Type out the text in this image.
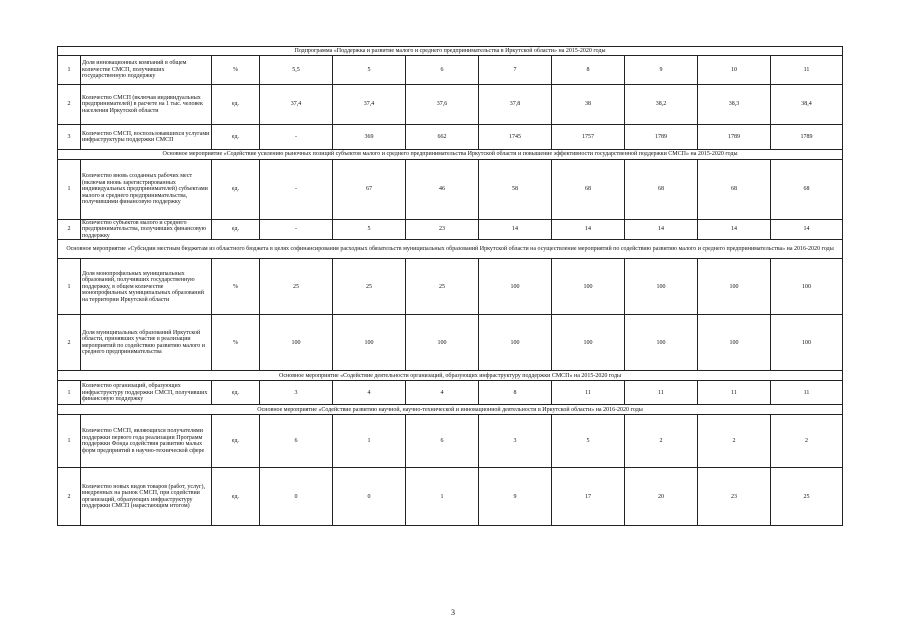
Подпрограмма «Поддержка и развитие малого и среднего предпринимательства в Иркутской области» на 2015-2020 годы										
1	Доля инновационных компаний в общем количестве СМСП, получивших государственную поддержку	%	5,5	5	6	7	8	9	10	11
2	Количество СМСП (включая индивидуальных предпринимателей) в расчете на 1 тыс. человек населения Иркутской области	ед.	37,4	37,4	37,6	37,8	38	38,2	38,3	38,4
3	Количество СМСП, воспользовавшихся услугами инфраструктуры поддержки СМСП	ед.	-	369	662	1745	1757	1789	1789	1789
Основное мероприятие «Содействие усилению рыночных позиций субъектов малого и среднего предпринимательства Иркутской области и повышение эффективности государственной поддержки СМСП» на 2015-2020 годы										
1	Количество вновь созданных рабочих мест (включая вновь зарегистрированных индивидуальных предпринимателей) субъектами малого и среднего предпринимательства, получившими финансовую поддержку	ед.	-	67	46	58	68	68	68	68
2	Количество субъектов малого и среднего предпринимательства, получивших финансовую поддержку	ед.	-	5	23	14	14	14	14	14
Основное мероприятие «Субсидии местным бюджетам из областного бюджета в целях софинансирования расходных обязательств муниципальных образований Иркутской области на осуществление мероприятий по содействию развитию малого и среднего предпринимательства» на 2016-2020 годы										
1	Доля монопрофильных муниципальных образований, получивших государственную поддержку, в общем количестве монопрофильных муниципальных образований на территории Иркутской области	%	25	25	25	100	100	100	100	100
2	Доля муниципальных образований Иркутской области, принявших участие в реализации мероприятий по содействию развитию малого и среднего предпринимательства	%	100	100	100	100	100	100	100	100
Основное мероприятие «Содействие деятельности организаций, образующих инфраструктуру поддержки СМСП» на 2015-2020 годы										
1	Количество организаций, образующих инфраструктуру поддержки СМСП, получивших финансовую поддержку	ед.	3	4	4	8	11	11	11	11
Основное мероприятие «Содействие развитию научной, научно-технической и инновационной деятельности в Иркутской области» на 2016-2020 годы										
1	Количество СМСП, являющихся получателями поддержки первого года реализации Программ поддержки Фонда содействия развитию малых форм предприятий в научно-технической сфере	ед.	6	1	6	3	5	2	2	2
2	Количество новых видов товаров (работ, услуг), внедренных на рынок СМСП, при содействии организаций, образующих инфраструктуру поддержки СМСП (нарастающим итогом)	ед.	0	0	1	9	17	20	23	25
3
